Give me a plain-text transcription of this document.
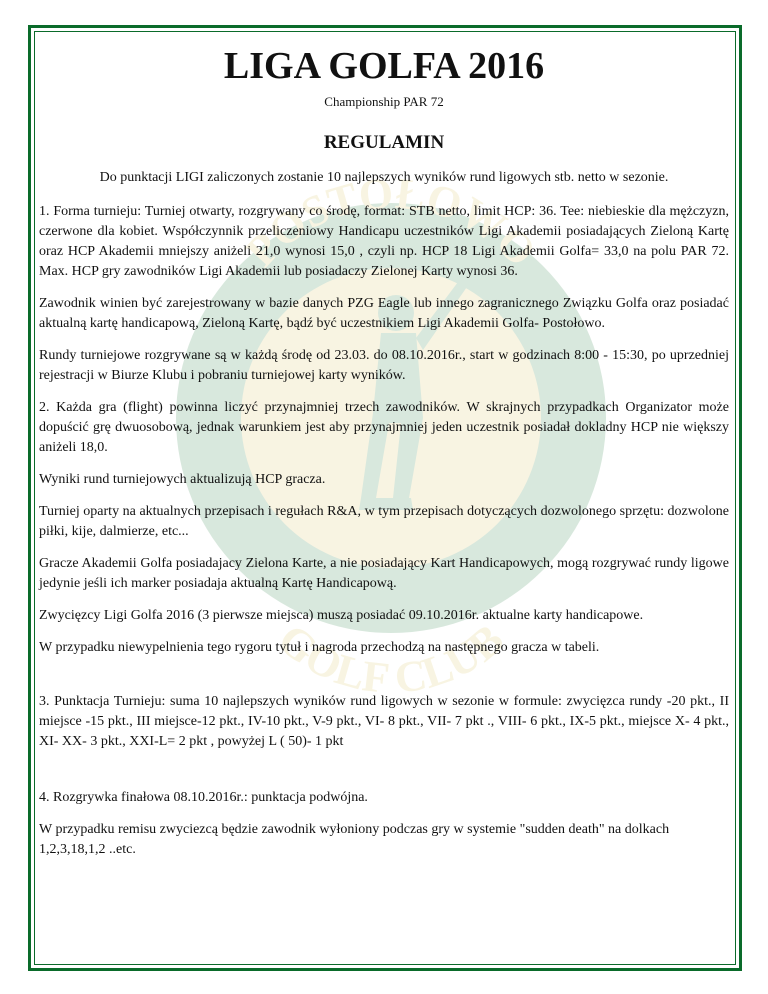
POSTOŁOWO
GOLF CLUB
LIGA GOLFA 2016
Championship PAR 72
REGULAMIN

Do punktacji LIGI zaliczonych zostanie 10 najlepszych wyników rund ligowych stb. netto w sezonie.

1. Forma turnieju: Turniej otwarty, rozgrywany co środę, format: STB netto, limit HCP: 36. Tee: niebieskie dla mężczyzn, czerwone dla kobiet. Współczynnik przeliczeniowy Handicapu uczestników Ligi Akademii posiadających Zieloną Kartę oraz HCP Akademii mniejszy aniżeli 21,0 wynosi 15,0 , czyli np. HCP 18 Ligi Akademii Golfa= 33,0 na polu PAR 72. Max. HCP gry zawodników Ligi Akademii lub posiadaczy Zielonej Karty wynosi 36.

Zawodnik winien być zarejestrowany w bazie danych PZG Eagle lub innego zagranicznego Związku Golfa oraz posiadać aktualną kartę handicapową, Zieloną Kartę, bądź być uczestnikiem Ligi Akademii Golfa- Postołowo.

Rundy turniejowe rozgrywane są w każdą środę od 23.03. do 08.10.2016r., start w godzinach 8:00 - 15:30, po uprzedniej rejestracji w Biurze Klubu i pobraniu turniejowej karty wyników.

2. Każda gra (flight) powinna liczyć przynajmniej trzech zawodników. W skrajnych przypadkach Organizator może dopuścić grę dwuosobową, jednak warunkiem jest aby przynajmniej jeden uczestnik posiadał dokladny HCP nie większy aniżeli 18,0.

Wyniki rund turniejowych aktualizują HCP gracza.

Turniej oparty na aktualnych przepisach i regułach R&A, w tym przepisach dotyczących dozwolonego sprzętu: dozwolone piłki, kije, dalmierze, etc...

Gracze Akademii Golfa posiadajacy Zielona Karte, a nie posiadający Kart Handicapowych, mogą rozgrywać rundy ligowe jedynie jeśli ich marker posiadaja aktualną Kartę Handicapową.

Zwycięzcy Ligi Golfa 2016 (3 pierwsze miejsca) muszą posiadać 09.10.2016r. aktualne karty handicapowe.

W przypadku niewypelnienia tego rygoru tytuł i nagroda przechodzą na następnego gracza w tabeli.

3. Punktacja Turnieju: suma 10 najlepszych wyników rund ligowych w sezonie w formule: zwycięzca rundy -20 pkt., II miejsce -15 pkt., III miejsce-12 pkt., IV-10 pkt., V-9 pkt., VI- 8 pkt., VII- 7 pkt ., VIII- 6 pkt., IX-5 pkt., miejsce X- 4 pkt., XI- XX- 3 pkt., XXI-L= 2 pkt , powyżej L ( 50)- 1 pkt

4. Rozgrywka finałowa 08.10.2016r.: punktacja podwójna.

W przypadku remisu zwyciezcą będzie zawodnik wyłoniony podczas gry w systemie "sudden death" na dolkach 1,2,3,18,1,2 ..etc.
